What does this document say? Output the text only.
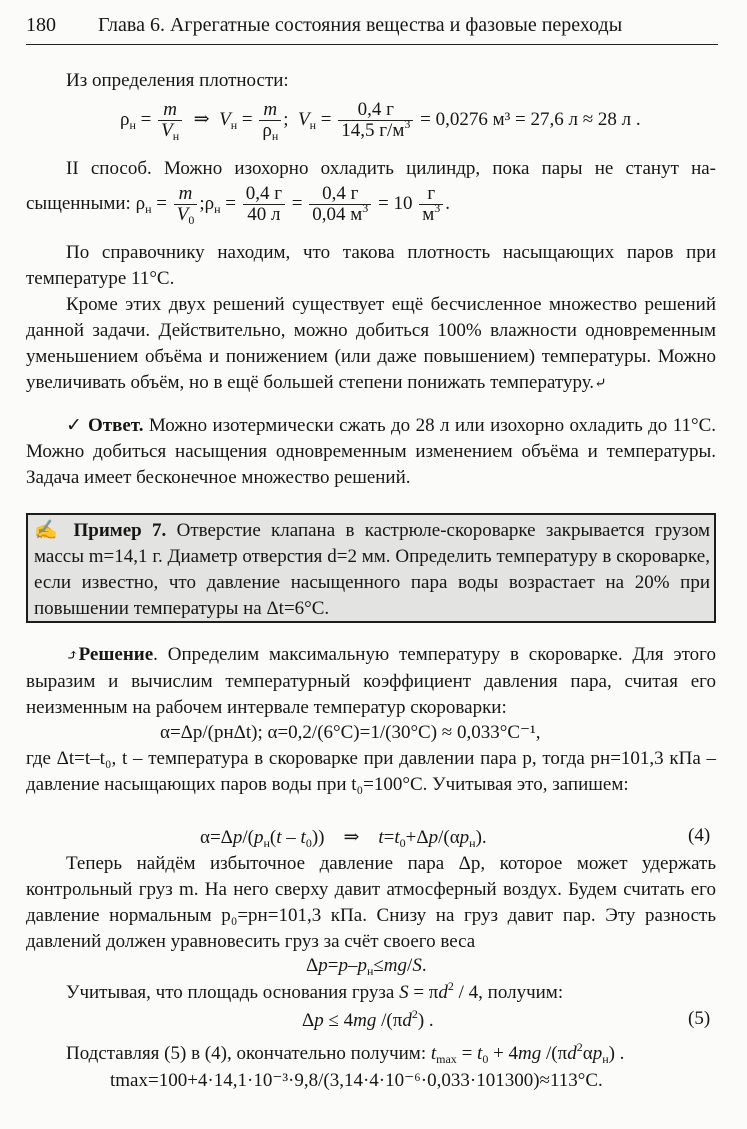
180 Глава 6. Агрегатные состояния вещества и фазовые переходы
Из определения плотности:
$\rho_н = \frac{m}{V_н}$ ⇒  $V_н = \frac{m}{\rho_н}$ ;  $V_н = \frac{0,4 г}{14,5 г/м^3} = 0,0276$ м³ = 27,6 л ≈ 28 л .
II способ. Можно изохорно охладить цилиндр, пока пары не станут на-
сыщенными: $\rho_н = \frac{m}{V_0}$ $;\rho_н = \frac{0,4 г}{40 л} = \frac{0,4 г}{0,04 м^3} = 10 \frac{г}{м^3}$ .
По справочнику находим, что такова плотность насыщающих паров при температуре 11°C.
Кроме этих двух решений существует ещё бесчисленное множество решений данной задачи. Действительно, можно добиться 100% влажности одновременным уменьшением объёма и понижением (или даже повышением) температуры. Можно увеличивать объём, но в ещё большей степени понижать температуру.⤶
✓ Ответ. Можно изотермически сжать до 28 л или изохорно охладить до 11°C. Можно добиться насыщения одновременным изменением объёма и температуры. Задача имеет бесконечное множество решений.
✍ Пример 7. Отверстие клапана в кастрюле-скороварке закрывается грузом массы m=14,1 г. Диаметр отверстия d=2 мм. Определить температуру в скороварке, если известно, что давление насыщенного пара воды возрастает на 20% при повышении температуры на Δt=6°C.
⤴Решение. Определим максимальную температуру в скороварке. Для этого выразим и вычислим температурный коэффициент давления пара, считая его неизменным на рабочем интервале температур скороварки:
α=Δp/(pнΔt); α=0,2/(6°C)=1/(30°C) ≈ 0,033°C⁻¹,
где Δt=t–t₀, t – температура в скороварке при давлении пара p, тогда pн=101,3 кПа – давление насыщающих паров воды при t₀=100°C. Учитывая это, запишем:
$\alpha=\Delta p/(p_н(t - t_0))$    ⇒    $t=t_0+\Delta p/(\alpha p_н)$.	(4)
Теперь найдём избыточное давление пара Δp, которое может удержать контрольный груз m. На него сверху давит атмосферный воздух. Будем считать его давление нормальным p₀=pн=101,3 кПа. Снизу на груз давит пар. Эту разность давлений должен уравновесить груз за счёт своего веса
$\Delta p=p-p_н\le mg/S$.
Учитывая, что площадь основания груза $S = \pi d^2 / 4$, получим:
Δp ≤ 4mg $/(\pi d^2)$ .	(5)
Подставляя (5) в (4), окончательно получим: $t_{max} = t_0 + 4mg$ $/(\pi d^2\alpha p_н)$ .
tmax=100+4·14,1·10⁻³·9,8/(3,14·4·10⁻⁶·0,033·101300)≈113°C.
